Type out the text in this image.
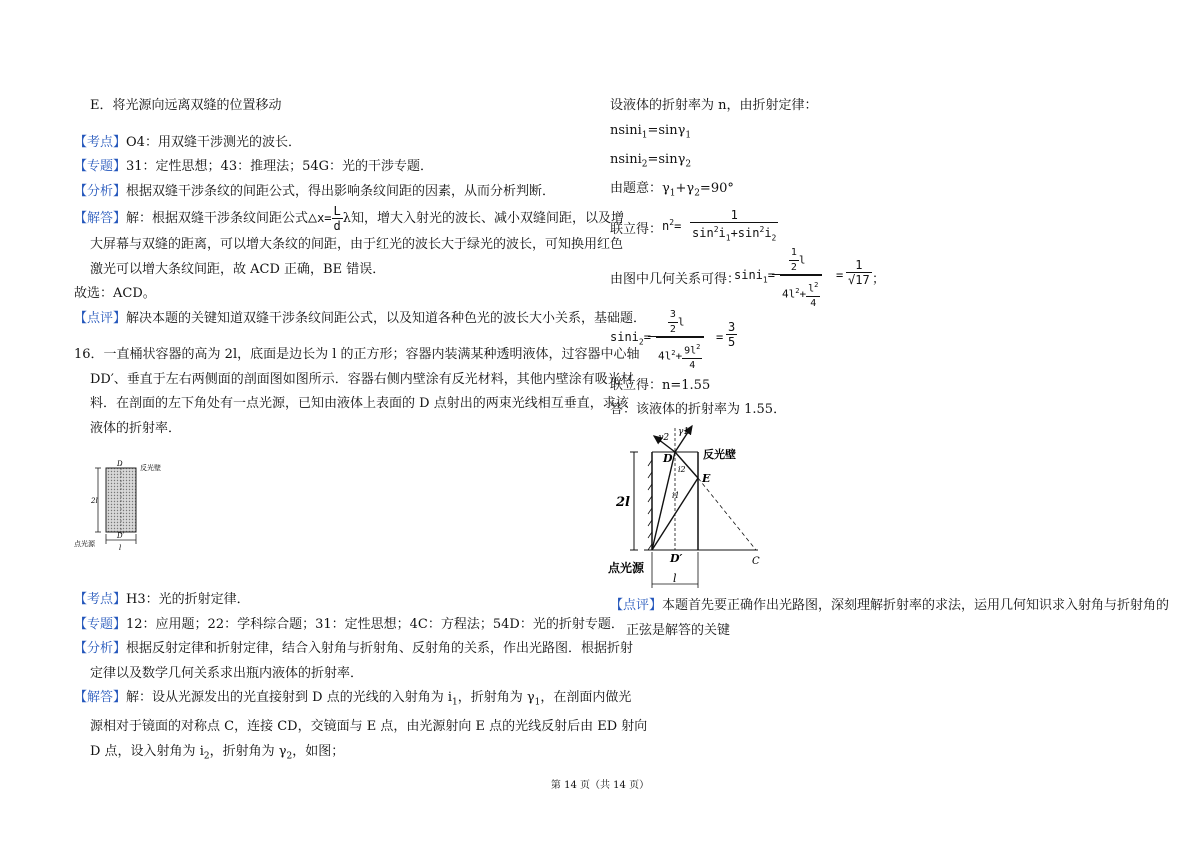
E．将光源向远离双缝的位置移动
【考点】O4：用双缝干涉测光的波长．
【专题】31：定性思想；43：推理法；54G：光的干涉专题．
【分析】根据双缝干涉条纹的间距公式，得出影响条纹间距的因素，从而分析判断．
【解答】解：根据双缝干涉条纹间距公式△x= $\frac{L}{d}$ λ知，增大入射光的波长、减小双缝间距，以及增
大屏幕与双缝的距离，可以增大条纹的间距，由于红光的波长大于绿光的波长，可知换用红色
激光可以增大条纹间距，故 ACD 正确，BE 错误．
故选：ACD。
【点评】解决本题的关键知道双缝干涉条纹间距公式，以及知道各种色光的波长大小关系，基础题．
16．一直桶状容器的高为 2l，底面是边长为 l 的正方形；容器内装满某种透明液体，过容器中心轴
DD′、垂直于左右两侧面的剖面图如图所示．容器右侧内壁涂有反光材料，其他内壁涂有吸光材
料．在剖面的左下角处有一点光源，已知由液体上表面的 D 点射出的两束光线相互垂直，求该
液体的折射率．
D 反光壁
2l
D′
点光源	l
【考点】H3：光的折射定律．
【专题】12：应用题；22：学科综合题；31：定性思想；4C：方程法；54D：光的折射专题．
【分析】根据反射定律和折射定律，结合入射角与折射角、反射角的关系，作出光路图．根据折射
定律以及数学几何关系求出瓶内液体的折射率．
【解答】解：设从光源发出的光直接射到 D 点的光线的入射角为 $i_1$，折射角为 $\gamma_1$，在剖面内做光
源相对于镜面的对称点 C，连接 CD，交镜面与 E 点，由光源射向 E 点的光线反射后由 ED 射向
D 点，设入射角为 $i_2$，折射角为 $\gamma_2$，如图；
设液体的折射率为 n，由折射定律：
nsini$_1$=sinγ$_1$
nsini$_2$=sinγ$_2$
由题意：$\gamma_1+\gamma_2=90^\circ$
联立得： $n^2= \frac{1}{\sin^2i_1+\sin^2i_2}$
由图中几何关系可得：
sini$_1$=
$\frac{\frac{1}{2} l}{4l^2+ \frac{l^2}{4}} = \frac{1}{√17}$ ；
sini$_2$=
$\frac{\frac{3}{2} l}{4l^2+ \frac{9l^2}{4}} = \frac{3}{5}$
联立得：n=1.55
答：该液体的折射率为 1.55．
γ2
γ1
D	反光壁
E
i2
i1
2l
D′	C
点光源
l
【点评】本题首先要正确作出光路图，深刻理解折射率的求法，运用几何知识求入射角与折射角的
正弦是解答的关键
第 14 页（共 14 页）
